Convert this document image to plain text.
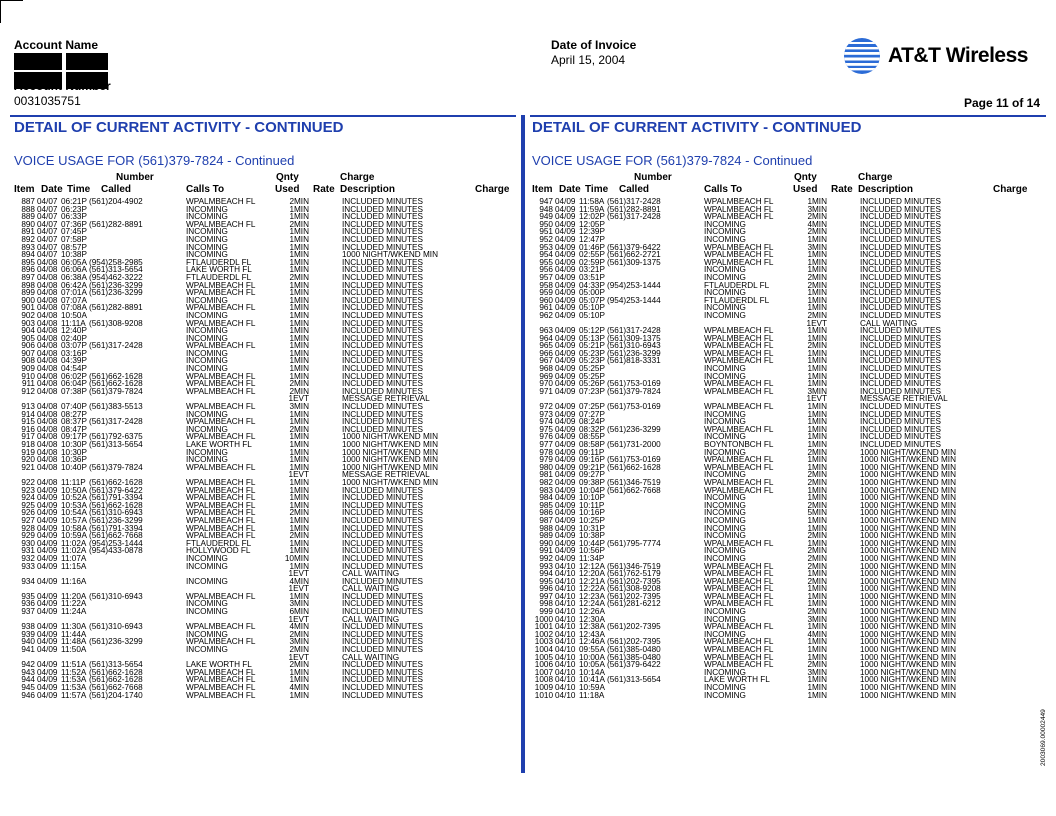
Account Name
Account Number
0031035751
Date of Invoice
April 15, 2004	AT&T Wireless
Page 11 of 14
DETAIL OF CURRENT ACTIVITY - CONTINUED	DETAIL OF CURRENT ACTIVITY - CONTINUED
VOICE USAGE FOR (561)379-7824 - Continued	VOICE USAGE FOR (561)379-7824 - Continued
Number	Qnty	Charge
Item Date Time Called	Calls To	Used Rate Description	Charge
887 04/07 06:21P (561)204-4902	WPALMBEACH FL	2MIN	INCLUDED MINUTES
888 04/07 06:23P	INCOMING	1MIN	INCLUDED MINUTES
889 04/07 06:33P	INCOMING	1MIN	INCLUDED MINUTES
890 04/07 07:36P (561)282-8891	WPALMBEACH FL	2MIN	INCLUDED MINUTES
891 04/07 07:45P	INCOMING	1MIN	INCLUDED MINUTES
892 04/07 07:58P	INCOMING	1MIN	INCLUDED MINUTES
893 04/07 08:57P	INCOMING	1MIN	INCLUDED MINUTES
894 04/07 10:38P	INCOMING	1MIN	1000 NIGHT/WKEND MIN
895 04/08 06:05A (954)258-2985	FTLAUDERDL FL	1MIN	INCLUDED MINUTES
896 04/08 06:06A (561)313-5654	LAKE WORTH FL	1MIN	INCLUDED MINUTES
897 04/08 06:38A (954)462-3222	FTLAUDERDL FL	2MIN	INCLUDED MINUTES
898 04/08 06:42A (561)236-3299	WPALMBEACH FL	1MIN	INCLUDED MINUTES
899 04/08 07:01A (561)236-3299	WPALMBEACH FL	1MIN	INCLUDED MINUTES
900 04/08 07:07A	INCOMING	1MIN	INCLUDED MINUTES
901 04/08 07:08A (561)282-8891	WPALMBEACH FL	1MIN	INCLUDED MINUTES
902 04/08 10:50A	INCOMING	1MIN	INCLUDED MINUTES
903 04/08 11:11A (561)308-9208	WPALMBEACH FL	1MIN	INCLUDED MINUTES
904 04/08 12:40P	INCOMING	1MIN	INCLUDED MINUTES
905 04/08 02:40P	INCOMING	1MIN	INCLUDED MINUTES
906 04/08 03:07P (561)317-2428	WPALMBEACH FL	1MIN	INCLUDED MINUTES
907 04/08 03:16P	INCOMING	1MIN	INCLUDED MINUTES
908 04/08 04:39P	INCOMING	1MIN	INCLUDED MINUTES
909 04/08 04:54P	INCOMING	1MIN	INCLUDED MINUTES
910 04/08 06:02P (561)662-1628	WPALMBEACH FL	1MIN	INCLUDED MINUTES
911 04/08 06:04P (561)662-1628	WPALMBEACH FL	2MIN	INCLUDED MINUTES
912 04/08 07:38P (561)379-7824	WPALMBEACH FL	2MIN	INCLUDED MINUTES
1EVT	MESSAGE RETRIEVAL
913 04/08 07:40P (561)383-5513	WPALMBEACH FL	3MIN	INCLUDED MINUTES
914 04/08 08:27P	INCOMING	1MIN	INCLUDED MINUTES
915 04/08 08:37P (561)317-2428	WPALMBEACH FL	1MIN	INCLUDED MINUTES
916 04/08 08:47P	INCOMING	2MIN	INCLUDED MINUTES
917 04/08 09:17P (561)792-6375	WPALMBEACH FL	1MIN	1000 NIGHT/WKEND MIN
918 04/08 10:30P (561)313-5654	LAKE WORTH FL	1MIN	1000 NIGHT/WKEND MIN
919 04/08 10:30P	INCOMING	1MIN	1000 NIGHT/WKEND MIN
920 04/08 10:36P	INCOMING	1MIN	1000 NIGHT/WKEND MIN
921 04/08 10:40P (561)379-7824	WPALMBEACH FL	1MIN	1000 NIGHT/WKEND MIN
1EVT	MESSAGE RETRIEVAL
922 04/08 11:11P (561)662-1628	WPALMBEACH FL	1MIN	1000 NIGHT/WKEND MIN
923 04/09 10:50A (561)379-6422	WPALMBEACH FL	1MIN	INCLUDED MINUTES
924 04/09 10:52A (561)791-3394	WPALMBEACH FL	1MIN	INCLUDED MINUTES
925 04/09 10:53A (561)662-1628	WPALMBEACH FL	1MIN	INCLUDED MINUTES
926 04/09 10:54A (561)310-6943	WPALMBEACH FL	2MIN	INCLUDED MINUTES
927 04/09 10:57A (561)236-3299	WPALMBEACH FL	1MIN	INCLUDED MINUTES
928 04/09 10:58A (561)791-3394	WPALMBEACH FL	1MIN	INCLUDED MINUTES
929 04/09 10:59A (561)662-7668	WPALMBEACH FL	2MIN	INCLUDED MINUTES
930 04/09 11:02A (954)253-1444	FTLAUDERDL FL	1MIN	INCLUDED MINUTES
931 04/09 11:02A (954)433-0878	HOLLYWOOD FL	1MIN	INCLUDED MINUTES
932 04/09 11:07A	INCOMING	10MIN	INCLUDED MINUTES
933 04/09 11:15A	INCOMING	1MIN	INCLUDED MINUTES
1EVT	CALL WAITING
934 04/09 11:16A	INCOMING	4MIN	INCLUDED MINUTES
1EVT	CALL WAITING
935 04/09 11:20A (561)310-6943	WPALMBEACH FL	1MIN	INCLUDED MINUTES
936 04/09 11:22A	INCOMING	3MIN	INCLUDED MINUTES
937 04/09 11:24A	INCOMING	6MIN	INCLUDED MINUTES
1EVT	CALL WAITING
938 04/09 11:30A (561)310-6943	WPALMBEACH FL	4MIN	INCLUDED MINUTES
939 04/09 11:44A	INCOMING	2MIN	INCLUDED MINUTES
940 04/09 11:48A (561)236-3299	WPALMBEACH FL	3MIN	INCLUDED MINUTES
941 04/09 11:50A	INCOMING	2MIN	INCLUDED MINUTES
1EVT	CALL WAITING
942 04/09 11:51A (561)313-5654	LAKE WORTH FL	2MIN	INCLUDED MINUTES
943 04/09 11:52A (561)662-1628	WPALMBEACH FL	1MIN	INCLUDED MINUTES
944 04/09 11:53A (561)662-1628	WPALMBEACH FL	1MIN	INCLUDED MINUTES
945 04/09 11:53A (561)662-7668	WPALMBEACH FL	4MIN	INCLUDED MINUTES
946 04/09 11:57A (561)204-1740	WPALMBEACH FL	1MIN	INCLUDED MINUTES
Number	Qnty	Charge
Item Date Time Called	Calls To	Used Rate Description	Charge
947 04/09 11:58A (561)317-2428	WPALMBEACH FL	1MIN	INCLUDED MINUTES
948 04/09 11:59A (561)282-8891	WPALMBEACH FL	3MIN	INCLUDED MINUTES
949 04/09 12:02P (561)317-2428	WPALMBEACH FL	2MIN	INCLUDED MINUTES
950 04/09 12:05P	INCOMING	4MIN	INCLUDED MINUTES
951 04/09 12:39P	INCOMING	2MIN	INCLUDED MINUTES
952 04/09 12:47P	INCOMING	1MIN	INCLUDED MINUTES
953 04/09 01:46P (561)379-6422	WPALMBEACH FL	3MIN	INCLUDED MINUTES
954 04/09 02:55P (561)662-2721	WPALMBEACH FL	1MIN	INCLUDED MINUTES
955 04/09 02:59P (561)309-1375	WPALMBEACH FL	1MIN	INCLUDED MINUTES
956 04/09 03:21P	INCOMING	1MIN	INCLUDED MINUTES
957 04/09 03:51P	INCOMING	2MIN	INCLUDED MINUTES
958 04/09 04:33P (954)253-1444	FTLAUDERDL FL	2MIN	INCLUDED MINUTES
959 04/09 05:00P	INCOMING	1MIN	INCLUDED MINUTES
960 04/09 05:07P (954)253-1444	FTLAUDERDL FL	1MIN	INCLUDED MINUTES
961 04/09 05:10P	INCOMING	1MIN	INCLUDED MINUTES
962 04/09 05:10P	INCOMING	2MIN	INCLUDED MINUTES
1EVT	CALL WAITING
963 04/09 05:12P (561)317-2428	WPALMBEACH FL	1MIN	INCLUDED MINUTES
964 04/09 05:13P (561)309-1375	WPALMBEACH FL	1MIN	INCLUDED MINUTES
965 04/09 05:21P (561)310-6943	WPALMBEACH FL	2MIN	INCLUDED MINUTES
966 04/09 05:23P (561)236-3299	WPALMBEACH FL	1MIN	INCLUDED MINUTES
967 04/09 05:23P (561)818-3331	WPALMBEACH FL	1MIN	INCLUDED MINUTES
968 04/09 05:25P	INCOMING	1MIN	INCLUDED MINUTES
969 04/09 05:25P	INCOMING	1MIN	INCLUDED MINUTES
970 04/09 05:26P (561)753-0169	WPALMBEACH FL	1MIN	INCLUDED MINUTES
971 04/09 07:23P (561)379-7824	WPALMBEACH FL	3MIN	INCLUDED MINUTES
1EVT	MESSAGE RETRIEVAL
972 04/09 07:25P (561)753-0169	WPALMBEACH FL	1MIN	INCLUDED MINUTES
973 04/09 07:27P	INCOMING	1MIN	INCLUDED MINUTES
974 04/09 08:24P	INCOMING	1MIN	INCLUDED MINUTES
975 04/09 08:32P (561)236-3299	WPALMBEACH FL	1MIN	INCLUDED MINUTES
976 04/09 08:55P	INCOMING	1MIN	INCLUDED MINUTES
977 04/09 08:58P (561)731-2000	BOYNTONBCH FL	1MIN	INCLUDED MINUTES
978 04/09 09:11P	INCOMING	2MIN	1000 NIGHT/WKEND MIN
979 04/09 09:16P (561)753-0169	WPALMBEACH FL	1MIN	1000 NIGHT/WKEND MIN
980 04/09 09:21P (561)662-1628	WPALMBEACH FL	1MIN	1000 NIGHT/WKEND MIN
981 04/09 09:27P	INCOMING	2MIN	1000 NIGHT/WKEND MIN
982 04/09 09:38P (561)346-7519	WPALMBEACH FL	2MIN	1000 NIGHT/WKEND MIN
983 04/09 10:04P (561)662-7668	WPALMBEACH FL	1MIN	1000 NIGHT/WKEND MIN
984 04/09 10:10P	INCOMING	1MIN	1000 NIGHT/WKEND MIN
985 04/09 10:11P	INCOMING	2MIN	1000 NIGHT/WKEND MIN
986 04/09 10:16P	INCOMING	5MIN	1000 NIGHT/WKEND MIN
987 04/09 10:25P	INCOMING	1MIN	1000 NIGHT/WKEND MIN
988 04/09 10:31P	INCOMING	1MIN	1000 NIGHT/WKEND MIN
989 04/09 10:38P	INCOMING	2MIN	1000 NIGHT/WKEND MIN
990 04/09 10:44P (561)795-7774	WPALMBEACH FL	1MIN	1000 NIGHT/WKEND MIN
991 04/09 10:56P	INCOMING	2MIN	1000 NIGHT/WKEND MIN
992 04/09 11:34P	INCOMING	2MIN	1000 NIGHT/WKEND MIN
993 04/10 12:12A (561)346-7519	WPALMBEACH FL	2MIN	1000 NIGHT/WKEND MIN
994 04/10 12:20A (561)762-5179	WPALMBEACH FL	1MIN	1000 NIGHT/WKEND MIN
995 04/10 12:21A (561)202-7395	WPALMBEACH FL	2MIN	1000 NIGHT/WKEND MIN
996 04/10 12:22A (561)308-9208	WPALMBEACH FL	1MIN	1000 NIGHT/WKEND MIN
997 04/10 12:23A (561)202-7395	WPALMBEACH FL	1MIN	1000 NIGHT/WKEND MIN
998 04/10 12:24A (561)281-6212	WPALMBEACH FL	1MIN	1000 NIGHT/WKEND MIN
999 04/10 12:26A	INCOMING	2MIN	1000 NIGHT/WKEND MIN
1000 04/10 12:30A	INCOMING	3MIN	1000 NIGHT/WKEND MIN
1001 04/10 12:38A (561)202-7395	WPALMBEACH FL	1MIN	1000 NIGHT/WKEND MIN
1002 04/10 12:43A	INCOMING	4MIN	1000 NIGHT/WKEND MIN
1003 04/10 12:46A (561)202-7395	WPALMBEACH FL	1MIN	1000 NIGHT/WKEND MIN
1004 04/10 09:55A (561)385-0480	WPALMBEACH FL	1MIN	1000 NIGHT/WKEND MIN
1005 04/10 10:00A (561)385-0480	WPALMBEACH FL	1MIN	1000 NIGHT/WKEND MIN
1006 04/10 10:05A (561)379-6422	WPALMBEACH FL	2MIN	1000 NIGHT/WKEND MIN
1007 04/10 10:14A	INCOMING	3MIN	1000 NIGHT/WKEND MIN
1008 04/10 10:41A (561)313-5654	LAKE WORTH FL	1MIN	1000 NIGHT/WKEND MIN
1009 04/10 10:59A	INCOMING	1MIN	1000 NIGHT/WKEND MIN
1010 04/10 11:18A	INCOMING	1MIN	1000 NIGHT/WKEND MIN
2003069.00002449
